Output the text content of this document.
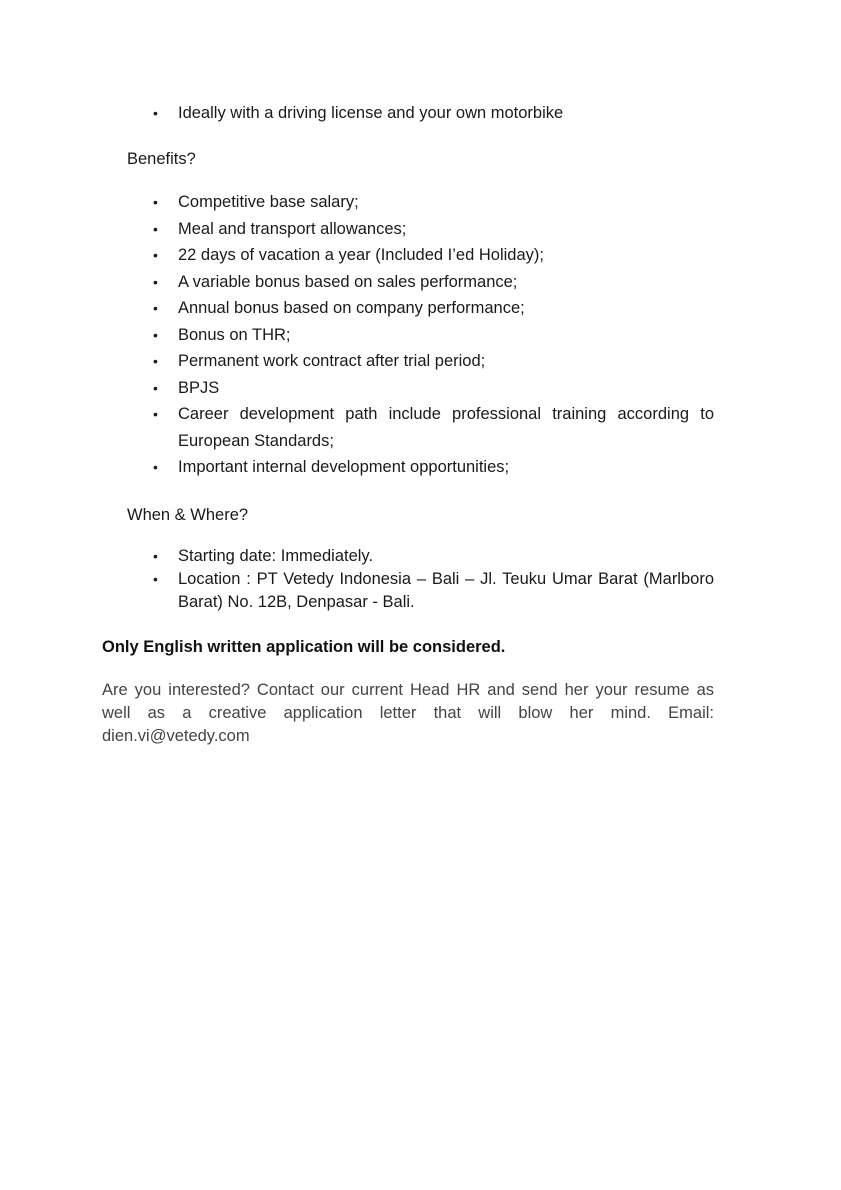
• Ideally with a driving license and your own motorbike
Benefits?
• Competitive base salary;
• Meal and transport allowances;
• 22 days of vacation a year (Included I’ed Holiday);
• A variable bonus based on sales performance;
• Annual bonus based on company performance;
• Bonus on THR;
• Permanent work contract after trial period;
• BPJS
• Career development path include professional training according to European Standards;
• Important internal development opportunities;
When & Where?
• Starting date: Immediately.
• Location : PT Vetedy Indonesia – Bali – Jl. Teuku Umar Barat (Marlboro Barat) No. 12B, Denpasar - Bali.
Only English written application will be considered.
Are you interested? Contact our current Head HR and send her your resume as well as a creative application letter that will blow her mind. Email: dien.vi@vetedy.com
